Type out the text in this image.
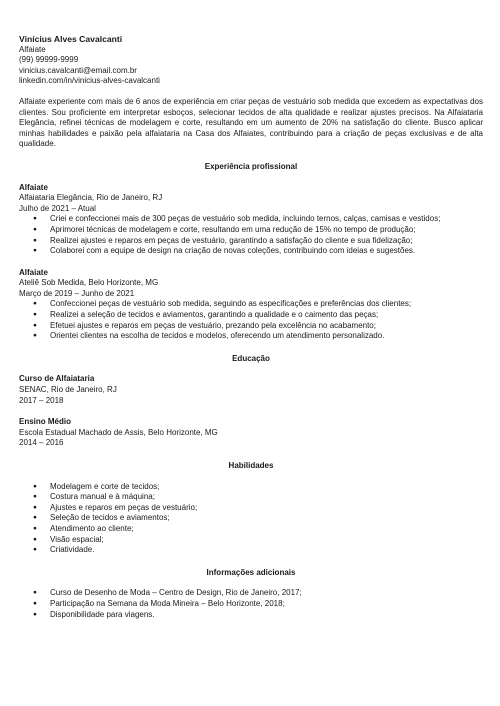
Vinícius Alves Cavalcanti
Alfaiate
(99) 99999-9999
vinicius.cavalcanti@email.com.br
linkedin.com/in/vinicius-alves-cavalcanti
Alfaiate experiente com mais de 6 anos de experiência em criar peças de vestuário sob medida que excedem as expectativas dos clientes. Sou proficiente em interpretar esboços, selecionar tecidos de alta qualidade e realizar ajustes precisos. Na Alfaiataria Elegância, refinei técnicas de modelagem e corte, resultando em um aumento de 20% na satisfação do cliente. Busco aplicar minhas habilidades e paixão pela alfaiataria na Casa dos Alfaiates, contribuindo para a criação de peças exclusivas e de alta qualidade.
Experiência profissional
Alfaiate
Alfaiataria Elegância, Rio de Janeiro, RJ
Julho de 2021 – Atual
● Criei e confeccionei mais de 300 peças de vestuário sob medida, incluindo ternos, calças, camisas e vestidos;
● Aprimorei técnicas de modelagem e corte, resultando em uma redução de 15% no tempo de produção;
● Realizei ajustes e reparos em peças de vestuário, garantindo a satisfação do cliente e sua fidelização;
● Colaborei com a equipe de design na criação de novas coleções, contribuindo com ideias e sugestões.
Alfaiate
Ateliê Sob Medida, Belo Horizonte, MG
Março de 2019 – Junho de 2021
● Confeccionei peças de vestuário sob medida, seguindo as especificações e preferências dos clientes;
● Realizei a seleção de tecidos e aviamentos, garantindo a qualidade e o caimento das peças;
● Efetuei ajustes e reparos em peças de vestuário, prezando pela excelência no acabamento;
● Orientei clientes na escolha de tecidos e modelos, oferecendo um atendimento personalizado.
Educação
Curso de Alfaiataria
SENAC, Rio de Janeiro, RJ
2017 – 2018
Ensino Médio
Escola Estadual Machado de Assis, Belo Horizonte, MG
2014 – 2016
Habilidades
● Modelagem e corte de tecidos;
● Costura manual e à máquina;
● Ajustes e reparos em peças de vestuário;
● Seleção de tecidos e aviamentos;
● Atendimento ao cliente;
● Visão espacial;
● Criatividade.
Informações adicionais
● Curso de Desenho de Moda – Centro de Design, Rio de Janeiro, 2017;
● Participação na Semana da Moda Mineira – Belo Horizonte, 2018;
● Disponibilidade para viagens.
